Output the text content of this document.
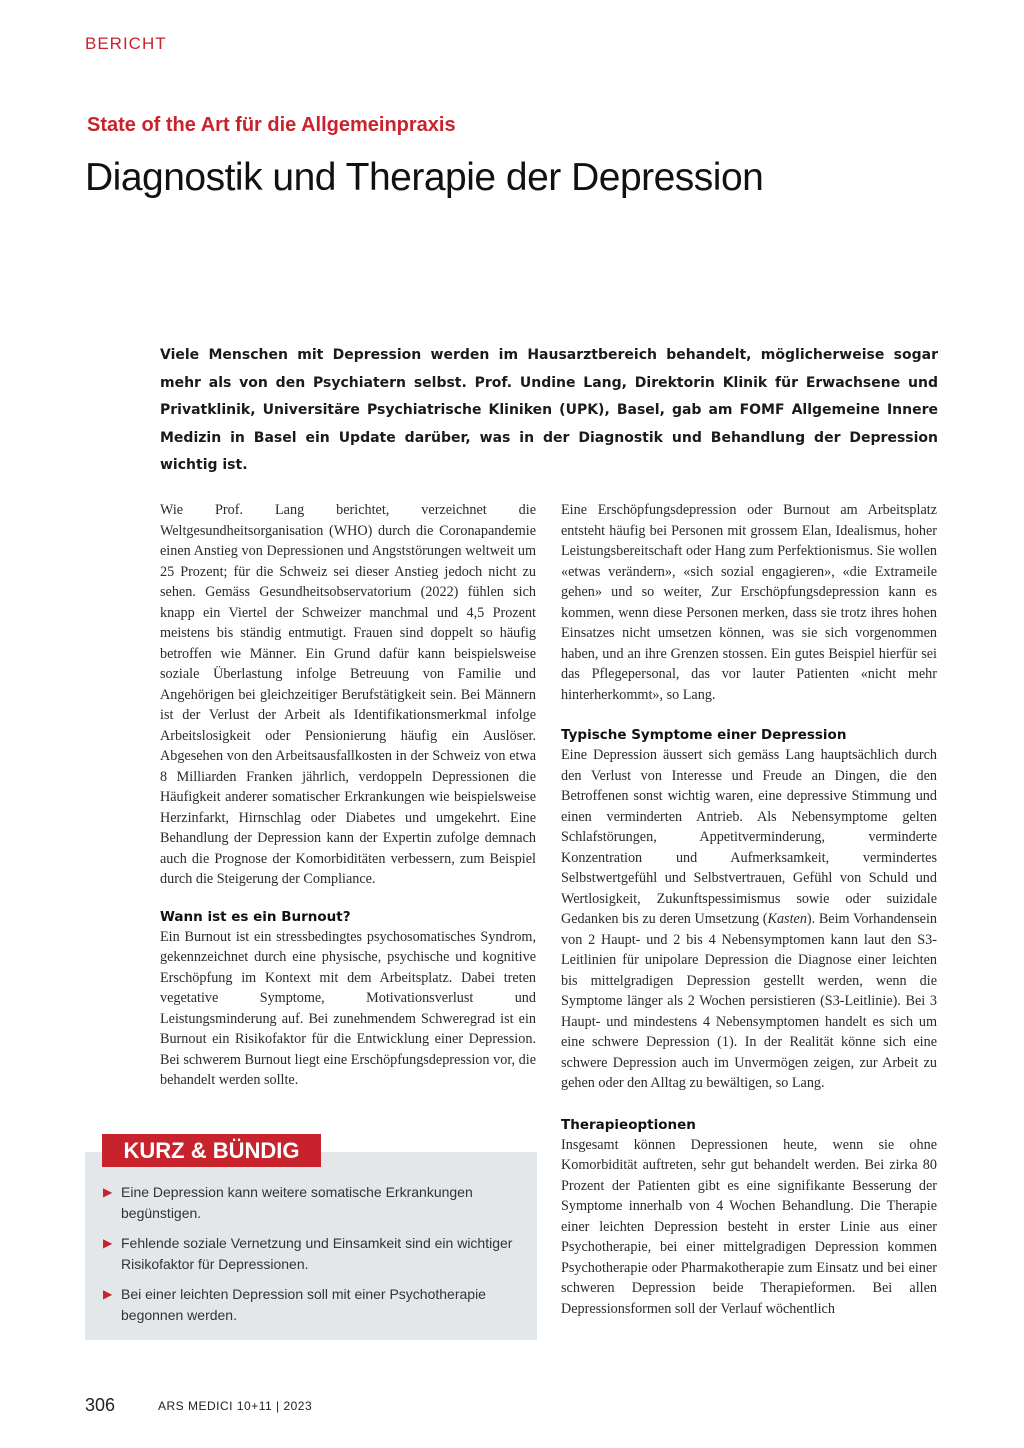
BERICHT
State of the Art für die Allgemeinpraxis
Diagnostik und Therapie der Depression

Viele Menschen mit Depression werden im Hausarztbereich behandelt, möglicherweise sogar mehr als von den Psychiatern selbst. Prof. Undine Lang, Direktorin Klinik für Erwachsene und Privatklinik, Universitäre Psychiatrische Kliniken (UPK), Basel, gab am FOMF Allgemeine Innere Medizin in Basel ein Update darüber, was in der Diagnostik und Behandlung der Depression wichtig ist.

Wie Prof. Lang berichtet, verzeichnet die Weltgesundheitsorganisation (WHO) durch die Coronapandemie einen Anstieg von Depressionen und Angststörungen weltweit um 25 Prozent; für die Schweiz sei dieser Anstieg jedoch nicht zu sehen. Gemäss Gesundheitsobservatorium (2022) fühlen sich knapp ein Viertel der Schweizer manchmal und 4,5 Prozent meistens bis ständig entmutigt. Frauen sind doppelt so häufig betroffen wie Männer. Ein Grund dafür kann beispielsweise soziale Überlastung infolge Betreuung von Familie und Angehörigen bei gleichzeitiger Berufstätigkeit sein. Bei Männern ist der Verlust der Arbeit als Identifikationsmerkmal infolge Arbeitslosigkeit oder Pensionierung häufig ein Auslöser. Abgesehen von den Arbeitsausfallkosten in der Schweiz von etwa 8 Milliarden Franken jährlich, verdoppeln Depressionen die Häufigkeit anderer somatischer Erkrankungen wie beispielsweise Herzinfarkt, Hirnschlag oder Diabetes und umgekehrt. Eine Behandlung der Depression kann der Expertin zufolge demnach auch die Prognose der Komorbiditäten verbessern, zum Beispiel durch die Steigerung der Compliance.

Wann ist es ein Burnout?

Ein Burnout ist ein stressbedingtes psychosomatisches Syndrom, gekennzeichnet durch eine physische, psychische und kognitive Erschöpfung im Kontext mit dem Arbeitsplatz. Dabei treten vegetative Symptome, Motivationsverlust und Leistungsminderung auf. Bei zunehmendem Schweregrad ist ein Burnout ein Risikofaktor für die Entwicklung einer Depression. Bei schwerem Burnout liegt eine Erschöpfungsdepression vor, die behandelt werden sollte.

Eine Erschöpfungsdepression oder Burnout am Arbeitsplatz entsteht häufig bei Personen mit grossem Elan, Idealismus, hoher Leistungsbereitschaft oder Hang zum Perfektionismus. Sie wollen «etwas verändern», «sich sozial engagieren», «die Extrameile gehen» und so weiter, Zur Erschöpfungsdepression kann es kommen, wenn diese Personen merken, dass sie trotz ihres hohen Einsatzes nicht umsetzen können, was sie sich vorgenommen haben, und an ihre Grenzen stossen. Ein gutes Beispiel hierfür sei das Pflegepersonal, das vor lauter Patienten «nicht mehr hinterherkommt», so Lang.

Typische Symptome einer Depression

Eine Depression äussert sich gemäss Lang hauptsächlich durch den Verlust von Interesse und Freude an Dingen, die den Betroffenen sonst wichtig waren, eine depressive Stimmung und einen verminderten Antrieb. Als Nebensymptome gelten Schlafstörungen, Appetitverminderung, verminderte Konzentration und Aufmerksamkeit, vermindertes Selbstwertgefühl und Selbstvertrauen, Gefühl von Schuld und Wertlosigkeit, Zukunftspessimismus sowie oder suizidale Gedanken bis zu deren Umsetzung (Kasten). Beim Vorhandensein von 2 Haupt- und 2 bis 4 Nebensymptomen kann laut den S3-Leitlinien für unipolare Depression die Diagnose einer leichten bis mittelgradigen Depression gestellt werden, wenn die Symptome länger als 2 Wochen persistieren (S3-Leitlinie). Bei 3 Haupt- und mindestens 4 Nebensymptomen handelt es sich um eine schwere Depression (1). In der Realität könne sich eine schwere Depression auch im Unvermögen zeigen, zur Arbeit zu gehen oder den Alltag zu bewältigen, so Lang.

Therapieoptionen

Insgesamt können Depressionen heute, wenn sie ohne Komorbidität auftreten, sehr gut behandelt werden. Bei zirka 80 Prozent der Patienten gibt es eine signifikante Besserung der Symptome innerhalb von 4 Wochen Behandlung. Die Therapie einer leichten Depression besteht in erster Linie aus einer Psychotherapie, bei einer mittelgradigen Depression kommen Psychotherapie oder Pharmakotherapie zum Einsatz und bei einer schweren Depression beide Therapieformen. Bei allen Depressionsformen soll der Verlauf wöchentlich

▶ Eine Depression kann weitere somatische Erkrankungen begünstigen.
▶ Fehlende soziale Vernetzung und Einsamkeit sind ein wichtiger Risikofaktor für Depressionen.
▶ Bei einer leichten Depression soll mit einer Psychotherapie begonnen werden.
KURZ & BÜNDIG
306	ARS MEDICI 10+11 | 2023
